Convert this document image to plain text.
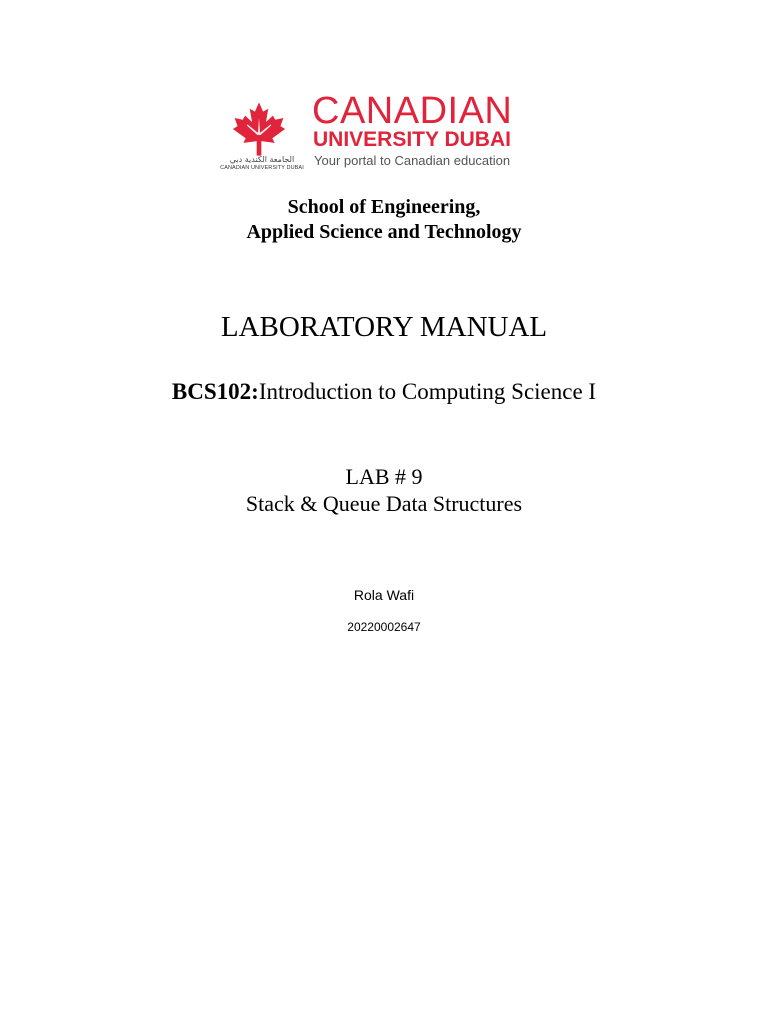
الجامعة الكندية دبي
CANADIAN UNIVERSITY DUBAI
CANADIAN
UNIVERSITY DUBAI
Your portal to Canadian education
School of Engineering,
Applied Science and Technology
LABORATORY MANUAL
BCS102:Introduction to Computing Science I
LAB # 9
Stack & Queue Data Structures
Rola Wafi
20220002647
